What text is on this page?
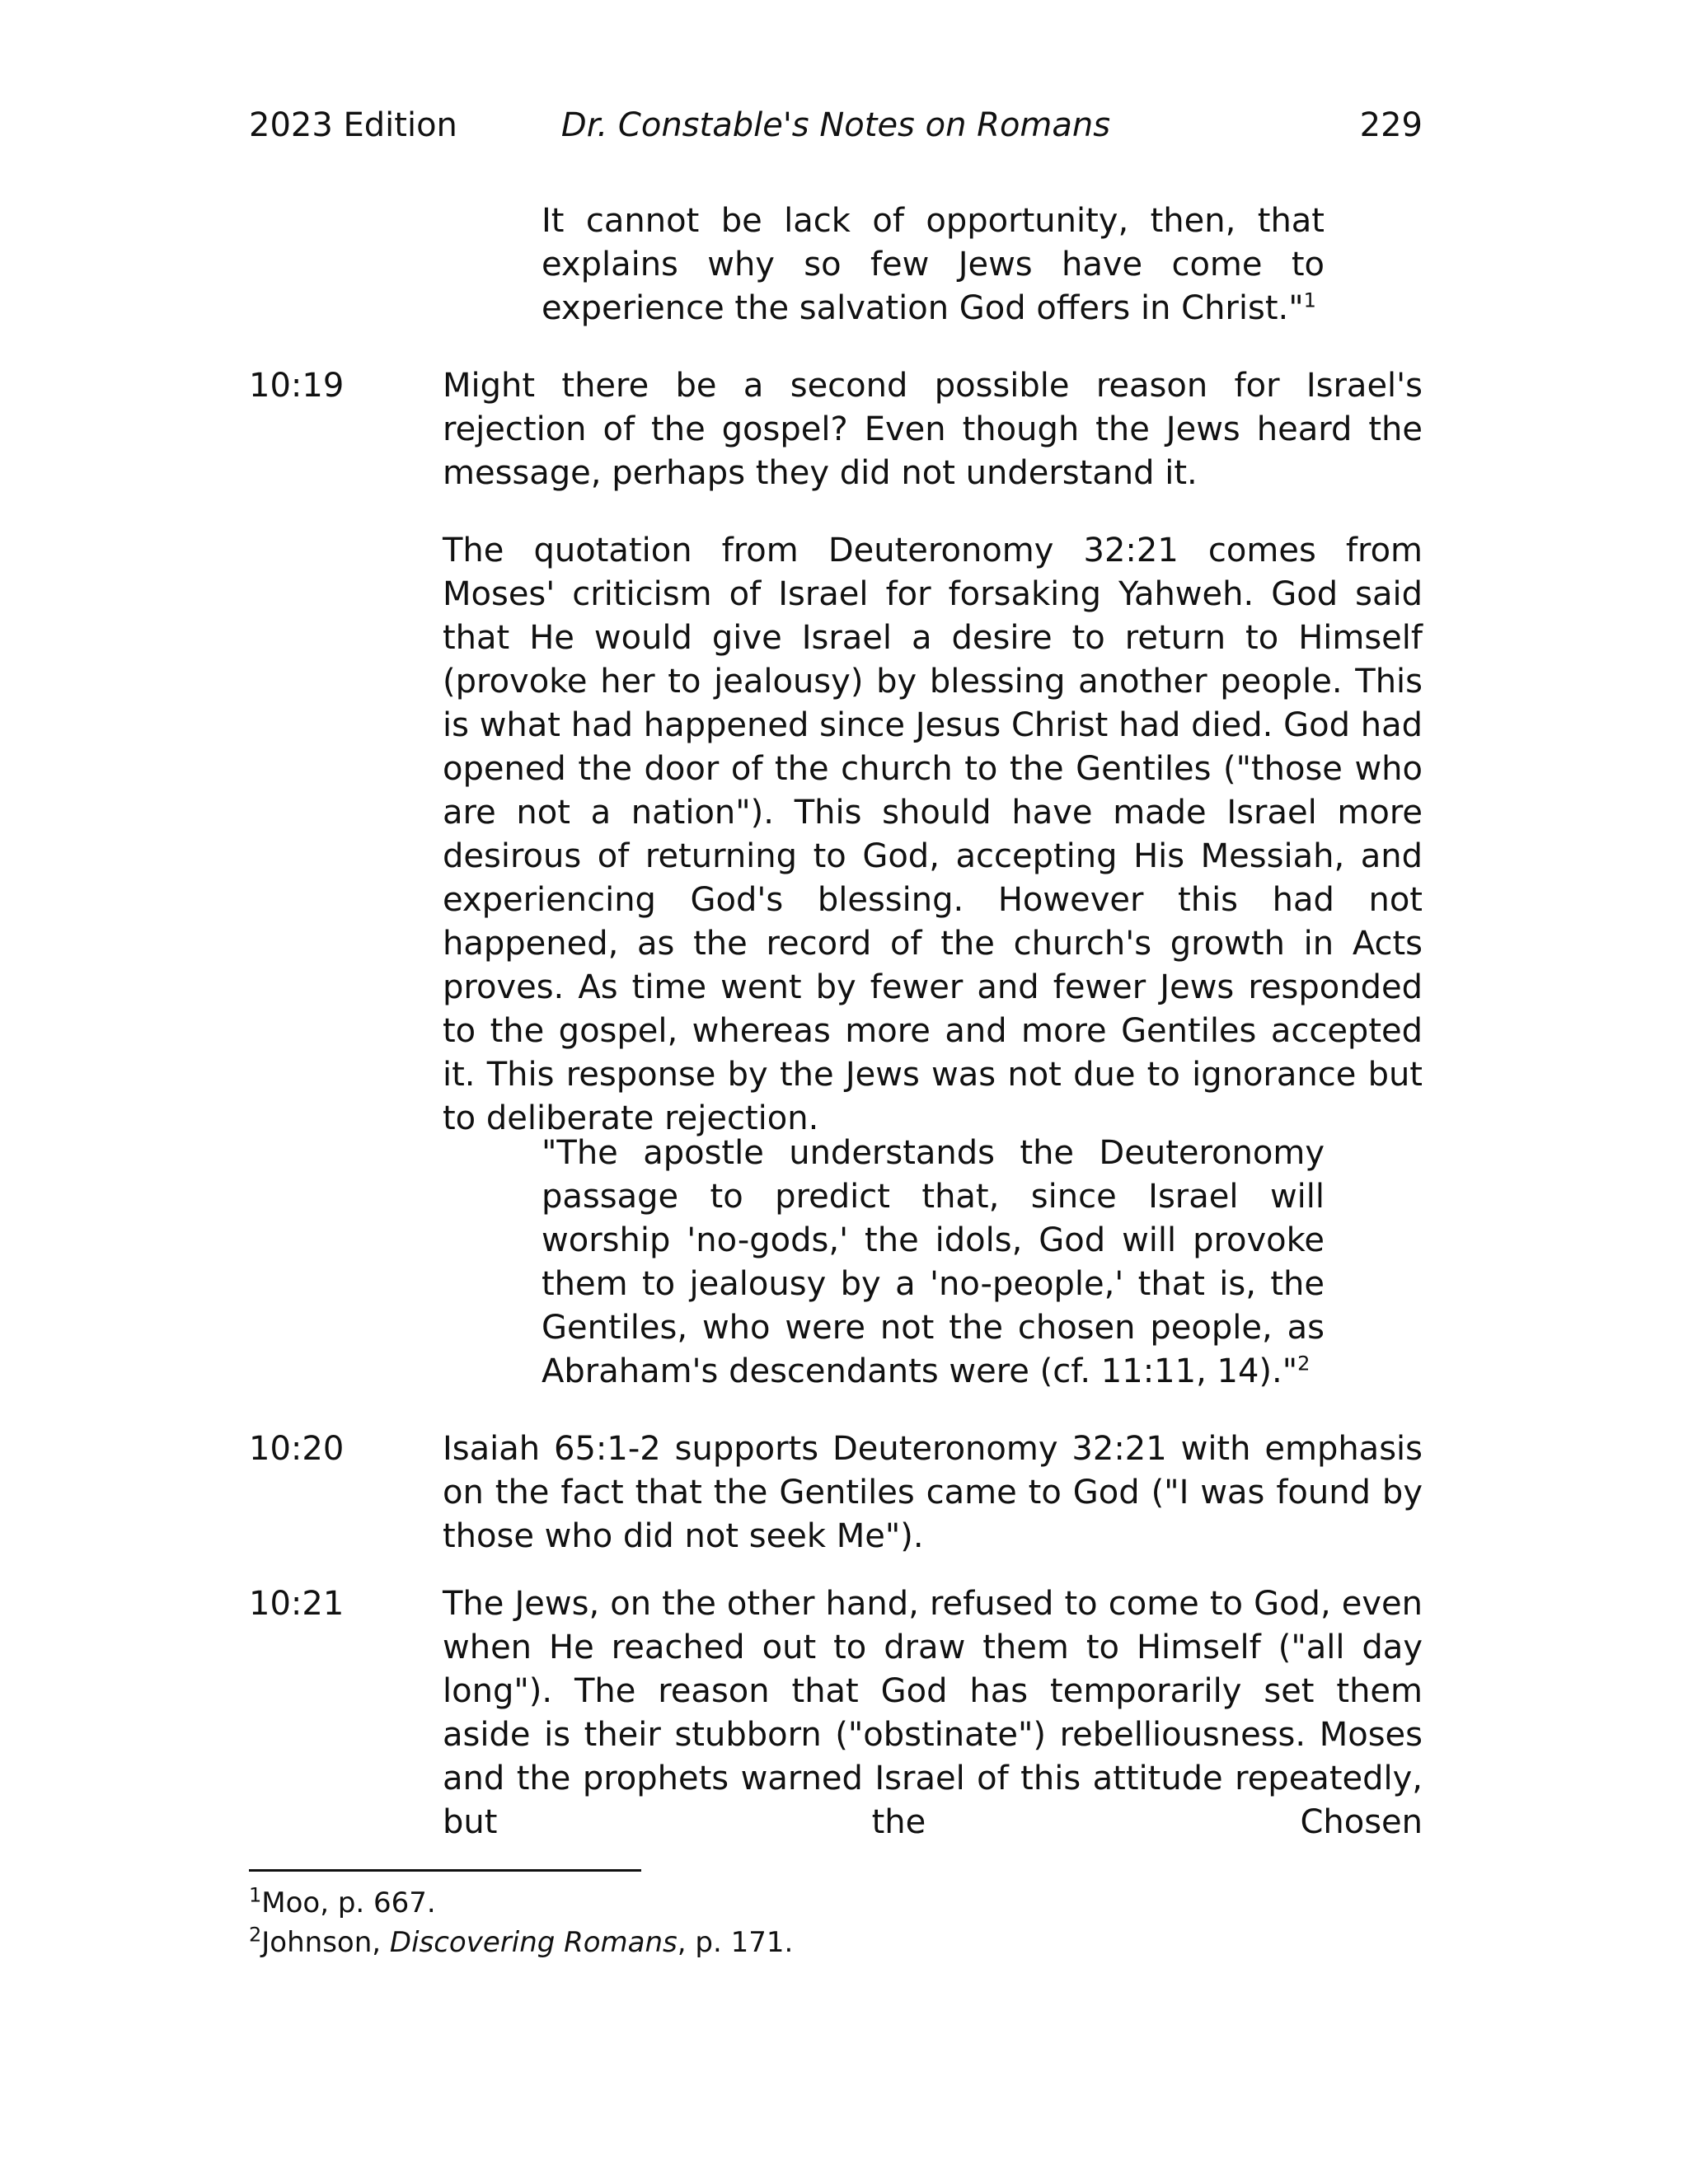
2023 Edition	Dr. Constable's Notes on Romans	229

It cannot be lack of opportunity, then, that explains why so few Jews have come to experience the salvation God offers in Christ."$^1$

10:19	Might there be a second possible reason for Israel's rejection of the gospel? Even though the Jews heard the message, perhaps they did not understand it.

The quotation from Deuteronomy 32:21 comes from Moses' criticism of Israel for forsaking Yahweh. God said that He would give Israel a desire to return to Himself (provoke her to jealousy) by blessing another people. This is what had happened since Jesus Christ had died. God had opened the door of the church to the Gentiles ("those who are not a nation"). This should have made Israel more desirous of returning to God, accepting His Messiah, and experiencing God's blessing. However this had not happened, as the record of the church's growth in Acts proves. As time went by fewer and fewer Jews responded to the gospel, whereas more and more Gentiles accepted it. This response by the Jews was not due to ignorance but to deliberate rejection.

"The apostle understands the Deuteronomy passage to predict that, since Israel will worship 'no-gods,' the idols, God will provoke them to jealousy by a 'no-people,' that is, the Gentiles, who were not the chosen people, as Abraham's descendants were (cf. 11:11, 14)."$^2$

10:20	Isaiah 65:1-2 supports Deuteronomy 32:21 with emphasis on the fact that the Gentiles came to God ("I was found by those who did not seek Me").

10:21	The Jews, on the other hand, refused to come to God, even when He reached out to draw them to Himself ("all day long"). The reason that God has temporarily set them aside is their stubborn ("obstinate") rebelliousness. Moses and the prophets warned Israel of this attitude repeatedly, but the Chosen

$^1$Moo, p. 667.
$^2$Johnson, Discovering Romans, p. 171.
